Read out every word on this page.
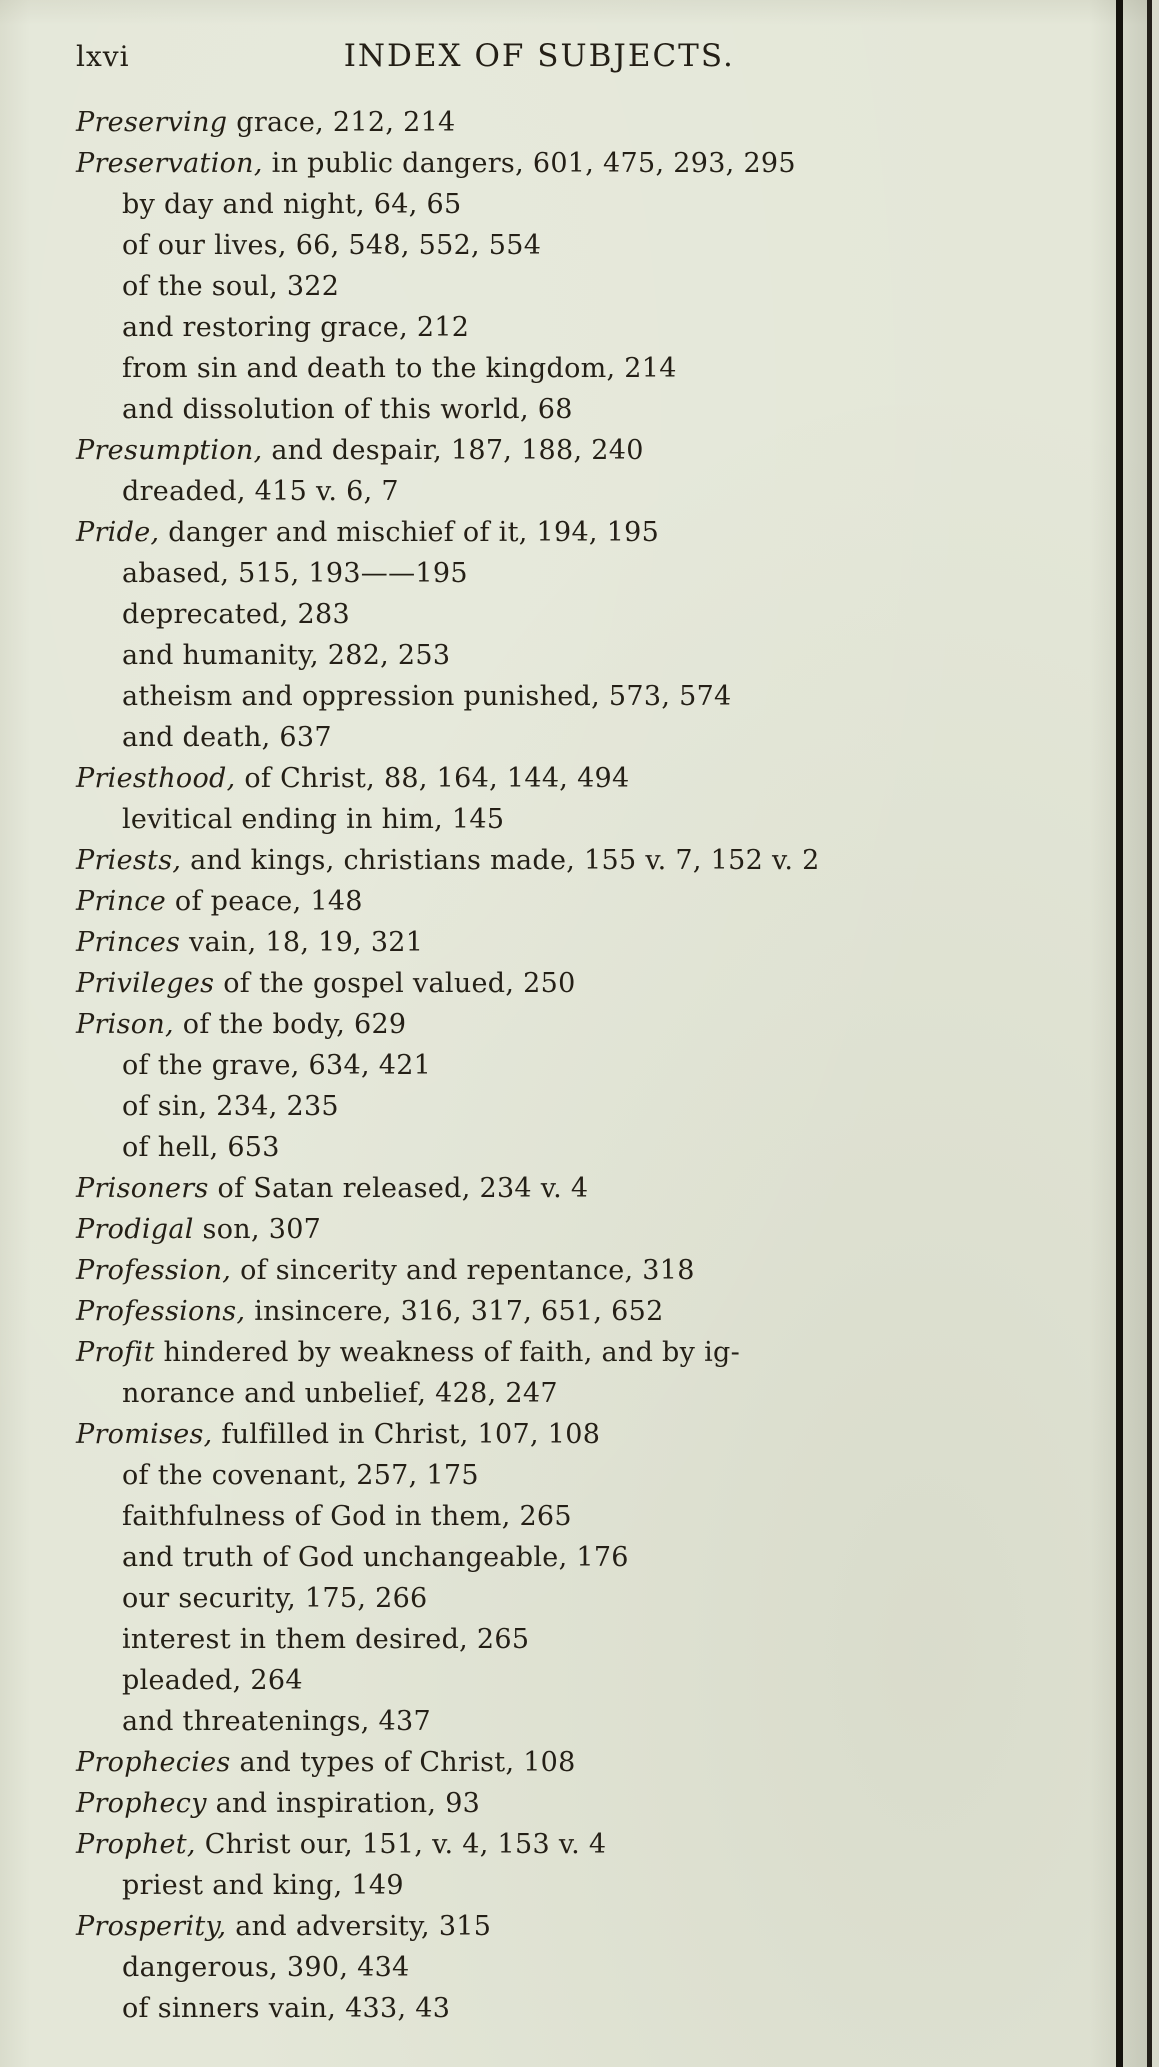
lxvi	INDEX OF SUBJECTS.
Preserving grace, 212, 214
Preservation, in public dangers, 601, 475, 293, 295
by day and night, 64, 65
of our lives, 66, 548, 552, 554
of the soul, 322
and restoring grace, 212
from sin and death to the kingdom, 214
and dissolution of this world, 68
Presumption, and despair, 187, 188, 240
dreaded, 415 v. 6, 7
Pride, danger and mischief of it, 194, 195
abased, 515, 193——195
deprecated, 283
and humanity, 282, 253
atheism and oppression punished, 573, 574
and death, 637
Priesthood, of Christ, 88, 164, 144, 494
levitical ending in him, 145
Priests, and kings, christians made, 155 v. 7, 152 v. 2
Prince of peace, 148
Princes vain, 18, 19, 321
Privileges of the gospel valued, 250
Prison, of the body, 629
of the grave, 634, 421
of sin, 234, 235
of hell, 653
Prisoners of Satan released, 234 v. 4
Prodigal son, 307
Profession, of sincerity and repentance, 318
Professions, insincere, 316, 317, 651, 652
Profit hindered by weakness of faith, and by ig-
norance and unbelief, 428, 247
Promises, fulfilled in Christ, 107, 108
of the covenant, 257, 175
faithfulness of God in them, 265
and truth of God unchangeable, 176
our security, 175, 266
interest in them desired, 265
pleaded, 264
and threatenings, 437
Prophecies and types of Christ, 108
Prophecy and inspiration, 93
Prophet, Christ our, 151, v. 4, 153 v. 4
priest and king, 149
Prosperity, and adversity, 315
dangerous, 390, 434
of sinners vain, 433, 43
